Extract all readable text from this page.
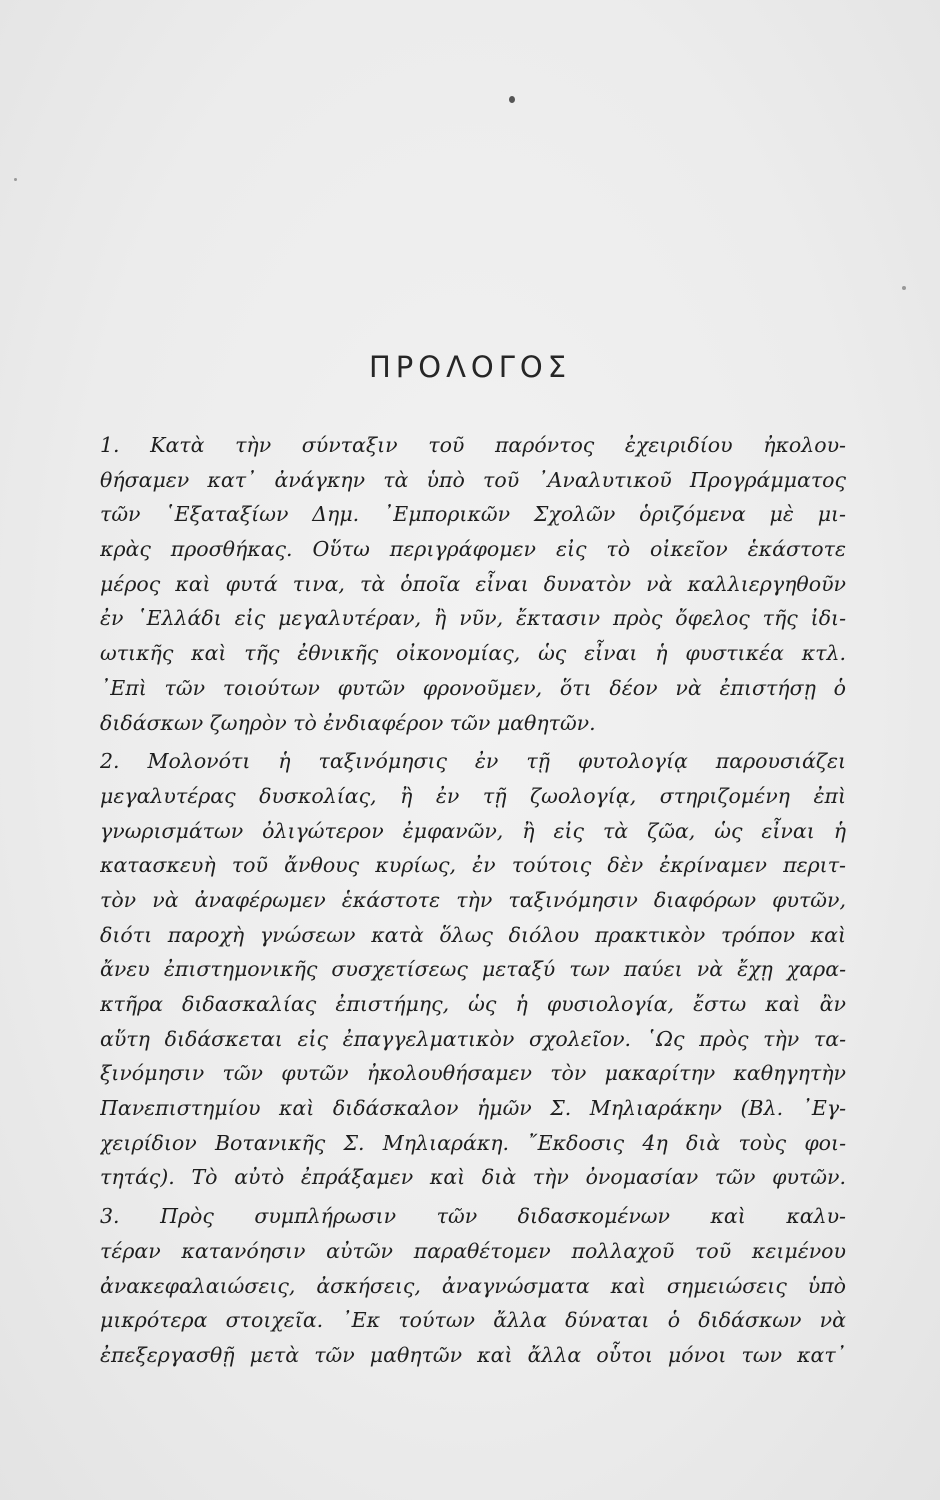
ΠΡΟΛΟΓΟΣ
1. Κατὰ τὴν σύνταξιν τοῦ παρόντος ἐχειριδίου ἠκολου-
θήσαμεν κατ᾿ ἀνάγκην τὰ ὑπὸ τοῦ ᾿Αναλυτικοῦ Προγράμματος
τῶν ῾Εξαταξίων Δημ. ᾿Εμπορικῶν Σχολῶν ὁριζόμενα μὲ μι-
κρὰς προσθήκας. Οὕτω περιγράφομεν εἰς τὸ οἰκεῖον ἑκάστοτε
μέρος καὶ φυτά τινα, τὰ ὁποῖα εἶναι δυνατὸν νὰ καλλιεργηθοῦν
ἐν ῾Ελλάδι εἰς μεγαλυτέραν, ἢ νῦν, ἔκτασιν πρὸς ὄφελος τῆς ἰδι-
ωτικῆς καὶ τῆς ἐθνικῆς οἰκονομίας, ὡς εἶναι ἡ φυστικέα κτλ.
᾿Επὶ τῶν τοιούτων φυτῶν φρονοῦμεν, ὅτι δέον νὰ ἐπιστήσῃ ὁ
διδάσκων ζωηρὸν τὸ ἐνδιαφέρον τῶν μαθητῶν.
2. Μολονότι ἡ ταξινόμησις ἐν τῇ φυτολογίᾳ παρουσιάζει
μεγαλυτέρας δυσκολίας, ἢ ἐν τῇ ζωολογίᾳ, στηριζομένη ἐπὶ
γνωρισμάτων ὀλιγώτερον ἐμφανῶν, ἢ εἰς τὰ ζῶα, ὡς εἶναι ἡ
κατασκευὴ τοῦ ἄνθους κυρίως, ἐν τούτοις δὲν ἐκρίναμεν περιτ-
τὸν νὰ ἀναφέρωμεν ἑκάστοτε τὴν ταξινόμησιν διαφόρων φυτῶν,
διότι παροχὴ γνώσεων κατὰ ὅλως διόλου πρακτικὸν τρόπον καὶ
ἄνευ ἐπιστημονικῆς συσχετίσεως μεταξύ των παύει νὰ ἔχῃ χαρα-
κτῆρα διδασκαλίας ἐπιστήμης, ὡς ἡ φυσιολογία, ἔστω καὶ ἂν
αὕτη διδάσκεται εἰς ἐπαγγελματικὸν σχολεῖον. ῾Ως πρὸς τὴν τα-
ξινόμησιν τῶν φυτῶν ἠκολουθήσαμεν τὸν μακαρίτην καθηγητὴν
Πανεπιστημίου καὶ διδάσκαλον ἡμῶν Σ. Μηλιαράκην (Βλ. ᾿Εγ-
χειρίδιον Βοτανικῆς Σ. Μηλιαράκη. ῎Εκδοσις 4η διὰ τοὺς φοι-
τητάς). Τὸ αὐτὸ ἐπράξαμεν καὶ διὰ τὴν ὀνομασίαν τῶν φυτῶν.
3. Πρὸς συμπλήρωσιν τῶν διδασκομένων καὶ καλυ-
τέραν κατανόησιν αὐτῶν παραθέτομεν πολλαχοῦ τοῦ κειμένου
ἀνακεφαλαιώσεις, ἀσκήσεις, ἀναγνώσματα καὶ σημειώσεις ὑπὸ
μικρότερα στοιχεῖα. ᾿Εκ τούτων ἄλλα δύναται ὁ διδάσκων νὰ
ἐπεξεργασθῇ μετὰ τῶν μαθητῶν καὶ ἄλλα οὗτοι μόνοι των κατ᾿
